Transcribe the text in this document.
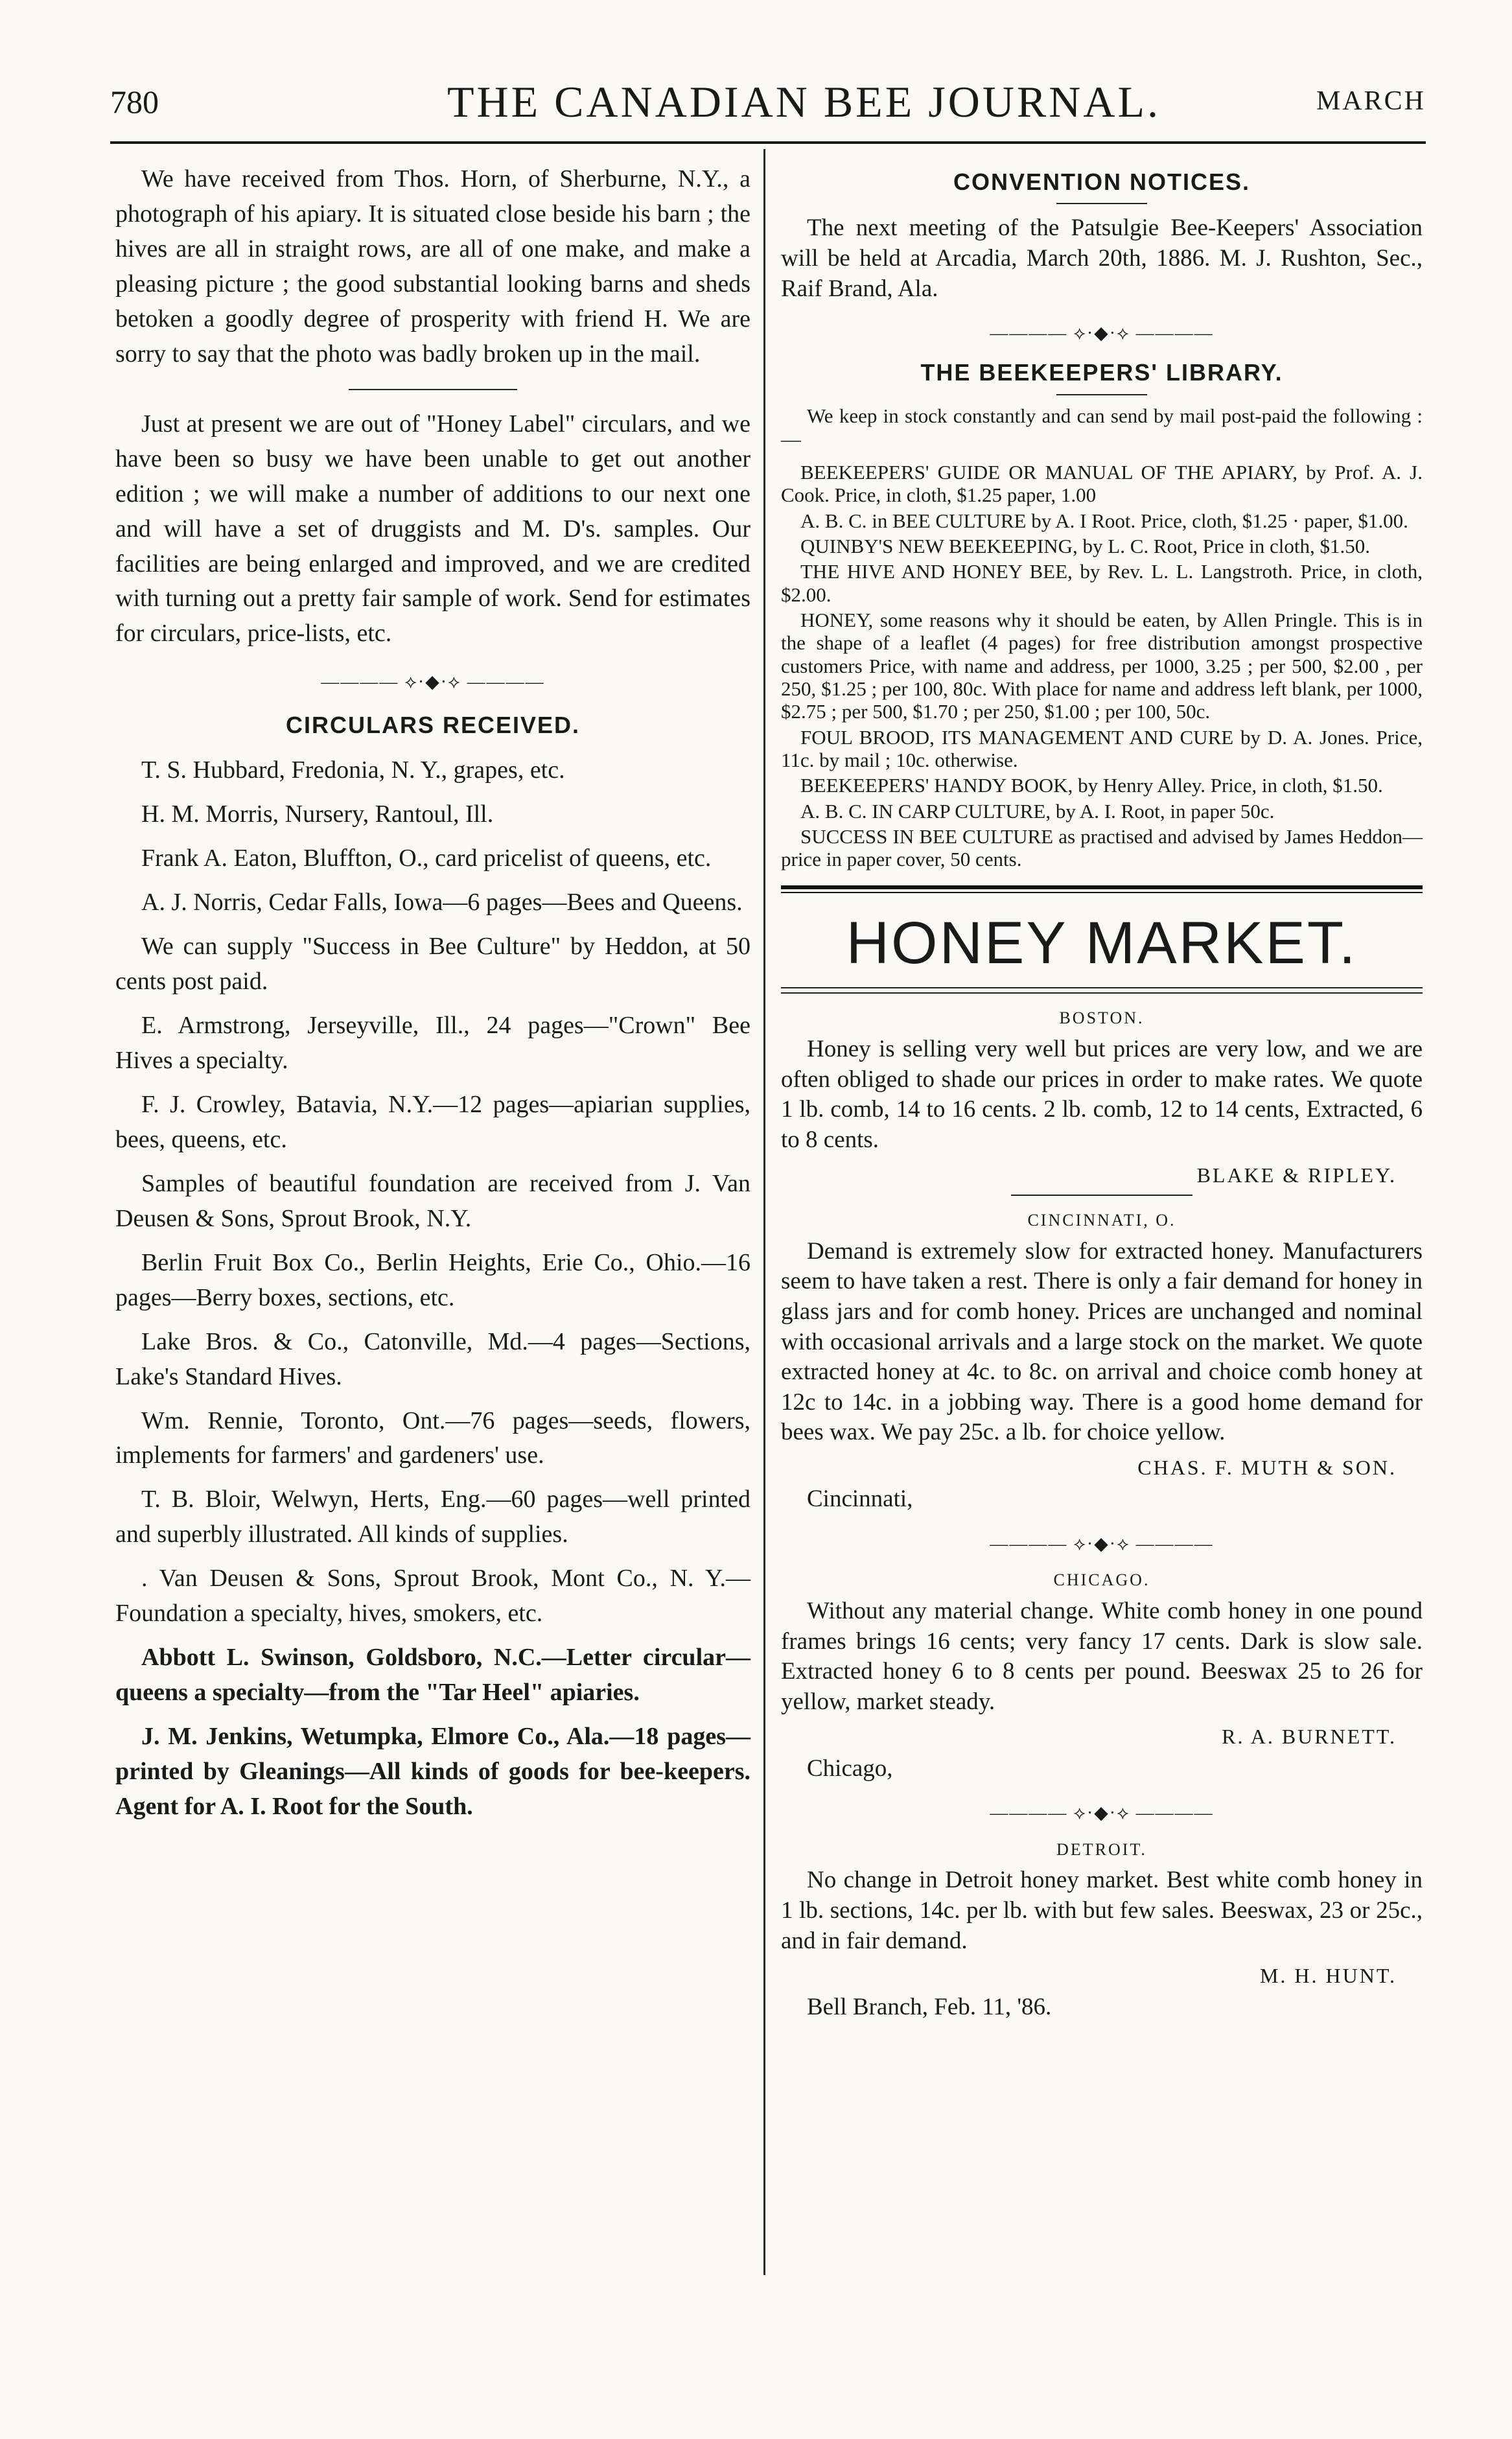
780	THE CANADIAN BEE JOURNAL.	MARCH

We have received from Thos. Horn, of Sherburne, N.Y., a photograph of his apiary. It is situated close beside his barn ; the hives are all in straight rows, are all of one make, and make a pleasing picture ; the good substantial looking barns and sheds betoken a goodly degree of prosperity with friend H. We are sorry to say that the photo was badly broken up in the mail.

Just at present we are out of "Honey Label" circulars, and we have been so busy we have been unable to get out another edition ; we will make a number of additions to our next one and will have a set of druggists and M. D's. samples. Our facilities are being enlarged and improved, and we are credited with turning out a pretty fair sample of work. Send for estimates for circulars, price-lists, etc.

———— ⟡·◆·⟡ ————
CIRCULARS RECEIVED.

T. S. Hubbard, Fredonia, N. Y., grapes, etc.

H. M. Morris, Nursery, Rantoul, Ill.

Frank A. Eaton, Bluffton, O., card pricelist of queens, etc.

A. J. Norris, Cedar Falls, Iowa—6 pages—Bees and Queens.

We can supply "Success in Bee Culture" by Heddon, at 50 cents post paid.

E. Armstrong, Jerseyville, Ill., 24 pages—"Crown" Bee Hives a specialty.

F. J. Crowley, Batavia, N.Y.—12 pages—apiarian supplies, bees, queens, etc.

Samples of beautiful foundation are received from J. Van Deusen & Sons, Sprout Brook, N.Y.

Berlin Fruit Box Co., Berlin Heights, Erie Co., Ohio.—16 pages—Berry boxes, sections, etc.

Lake Bros. & Co., Catonville, Md.—4 pages—Sections, Lake's Standard Hives.

Wm. Rennie, Toronto, Ont.—76 pages—seeds, flowers, implements for farmers' and gardeners' use.

T. B. Bloir, Welwyn, Herts, Eng.—60 pages—well printed and superbly illustrated. All kinds of supplies.

. Van Deusen & Sons, Sprout Brook, Mont Co., N. Y.—Foundation a specialty, hives, smokers, etc.

Abbott L. Swinson, Goldsboro, N.C.—Letter circular—queens a specialty—from the "Tar Heel" apiaries.

J. M. Jenkins, Wetumpka, Elmore Co., Ala.—18 pages—printed by Gleanings—All kinds of goods for bee-keepers. Agent for A. I. Root for the South.

CONVENTION NOTICES.

The next meeting of the Patsulgie Bee-Keepers' Association will be held at Arcadia, March 20th, 1886. M. J. Rushton, Sec., Raif Brand, Ala.

———— ⟡·◆·⟡ ————
THE BEEKEEPERS' LIBRARY.

We keep in stock constantly and can send by mail post-paid the following :—

BEEKEEPERS' GUIDE OR MANUAL OF THE APIARY, by Prof. A. J. Cook. Price, in cloth, $1.25 paper, 1.00

A. B. C. in BEE CULTURE by A. I Root. Price, cloth, $1.25 · paper, $1.00.

QUINBY'S NEW BEEKEEPING, by L. C. Root, Price in cloth, $1.50.

THE HIVE AND HONEY BEE, by Rev. L. L. Langstroth. Price, in cloth, $2.00.

HONEY, some reasons why it should be eaten, by Allen Pringle. This is in the shape of a leaflet (4 pages) for free distribution amongst prospective customers Price, with name and address, per 1000, 3.25 ; per 500, $2.00 , per 250, $1.25 ; per 100, 80c. With place for name and address left blank, per 1000, $2.75 ; per 500, $1.70 ; per 250, $1.00 ; per 100, 50c.

FOUL BROOD, ITS MANAGEMENT AND CURE by D. A. Jones. Price, 11c. by mail ; 10c. otherwise.

BEEKEEPERS' HANDY BOOK, by Henry Alley. Price, in cloth, $1.50.

A. B. C. IN CARP CULTURE, by A. I. Root, in paper 50c.

SUCCESS IN BEE CULTURE as practised and advised by James Heddon—price in paper cover, 50 cents.

HONEY MARKET.
BOSTON.

Honey is selling very well but prices are very low, and we are often obliged to shade our prices in order to make rates. We quote 1 lb. comb, 14 to 16 cents. 2 lb. comb, 12 to 14 cents, Extracted, 6 to 8 cents.

BLAKE & RIPLEY.
CINCINNATI, O.

Demand is extremely slow for extracted honey. Manufacturers seem to have taken a rest. There is only a fair demand for honey in glass jars and for comb honey. Prices are unchanged and nominal with occasional arrivals and a large stock on the market. We quote extracted honey at 4c. to 8c. on arrival and choice comb honey at 12c to 14c. in a jobbing way. There is a good home demand for bees wax. We pay 25c. a lb. for choice yellow.

CHAS. F. MUTH & SON.
Cincinnati,
———— ⟡·◆·⟡ ————
CHICAGO.

Without any material change. White comb honey in one pound frames brings 16 cents; very fancy 17 cents. Dark is slow sale. Extracted honey 6 to 8 cents per pound. Beeswax 25 to 26 for yellow, market steady.

R. A. BURNETT.
Chicago,
———— ⟡·◆·⟡ ————
DETROIT.

No change in Detroit honey market. Best white comb honey in 1 lb. sections, 14c. per lb. with but few sales. Beeswax, 23 or 25c., and in fair demand.

M. H. HUNT.
Bell Branch, Feb. 11, '86.
